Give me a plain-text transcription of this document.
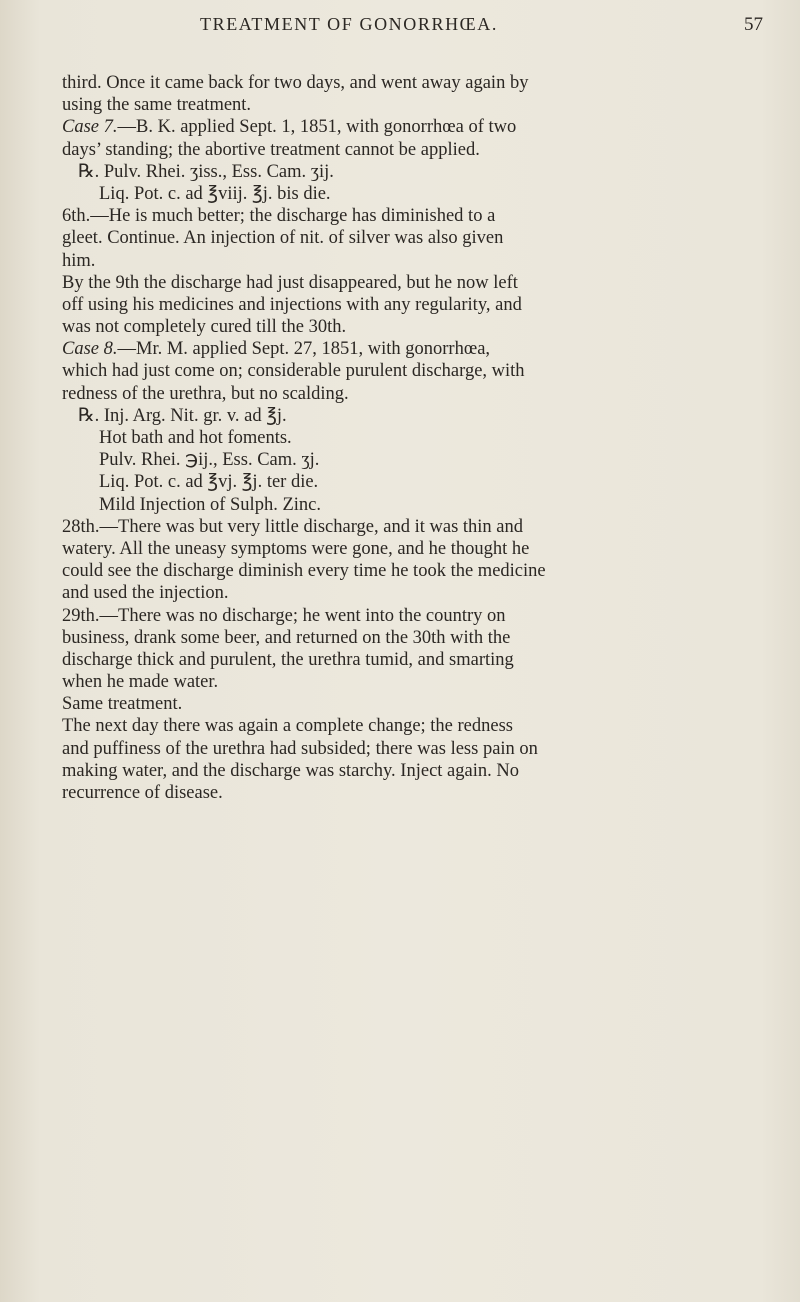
TREATMENT OF GONORRHŒA.	57
third. Once it came back for two days, and went away again by
using the same treatment.
Case 7.—B. K. applied Sept. 1, 1851, with gonorrhœa of two
days’ standing; the abortive treatment cannot be applied.
℞. Pulv. Rhei. ʒiss., Ess. Cam. ʒij.
Liq. Pot. c. ad ℥viij. ℥j. bis die.
6th.—He is much better; the discharge has diminished to a
gleet. Continue. An injection of nit. of silver was also given
him.
By the 9th the discharge had just disappeared, but he now left
off using his medicines and injections with any regularity, and
was not completely cured till the 30th.
Case 8.—Mr. M. applied Sept. 27, 1851, with gonorrhœa,
which had just come on; considerable purulent discharge, with
redness of the urethra, but no scalding.
℞. Inj. Arg. Nit. gr. v. ad ℥j.
Hot bath and hot foments.
Pulv. Rhei. ℈ij., Ess. Cam. ʒj.
Liq. Pot. c. ad ℥vj. ℥j. ter die.
Mild Injection of Sulph. Zinc.
28th.—There was but very little discharge, and it was thin and
watery. All the uneasy symptoms were gone, and he thought he
could see the discharge diminish every time he took the medicine
and used the injection.
29th.—There was no discharge; he went into the country on
business, drank some beer, and returned on the 30th with the
discharge thick and purulent, the urethra tumid, and smarting
when he made water.
Same treatment.
The next day there was again a complete change; the redness
and puffiness of the urethra had subsided; there was less pain on
making water, and the discharge was starchy. Inject again. No
recurrence of disease.
